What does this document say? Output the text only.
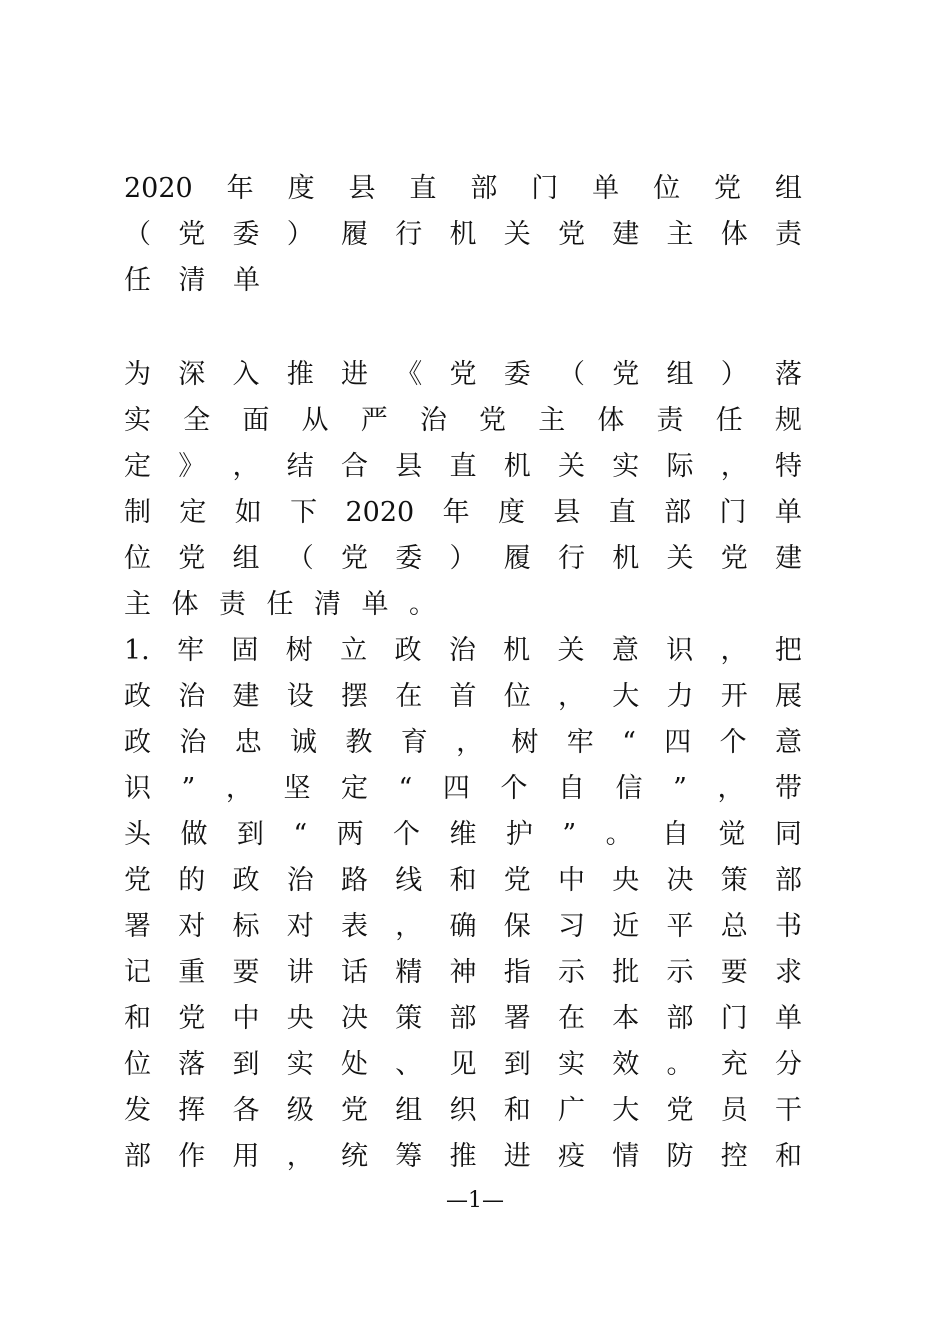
2020 年 度 县 直 部 门 单 位 党 组
（ 党 委 ） 履 行 机 关 党 建 主 体 责
任 清 单
为 深 入 推 进 《 党 委 （ 党 组 ） 落
实 全 面 从 严 治 党 主 体 责 任 规
定 》 ， 结 合 县 直 机 关 实 际 ， 特
制 定 如 下 2020 年 度 县 直 部 门 单
位 党 组 （ 党 委 ） 履 行 机 关 党 建
主 体 责 任 清 单 。
1. 牢 固 树 立 政 治 机 关 意 识 ， 把
政 治 建 设 摆 在 首 位 ， 大 力 开 展
政 治 忠 诚 教 育 ， 树 牢 “ 四 个 意
识 ” ， 坚 定 “ 四 个 自 信 ” ， 带
头 做 到 “ 两 个 维 护 ” 。 自 觉 同
党 的 政 治 路 线 和 党 中 央 决 策 部
署 对 标 对 表 ， 确 保 习 近 平 总 书
记 重 要 讲 话 精 神 指 示 批 示 要 求
和 党 中 央 决 策 部 署 在 本 部 门 单
位 落 到 实 处 、 见 到 实 效 。 充 分
发 挥 各 级 党 组 织 和 广 大 党 员 干
部 作 用 ， 统 筹 推 进 疫 情 防 控 和
—1—
